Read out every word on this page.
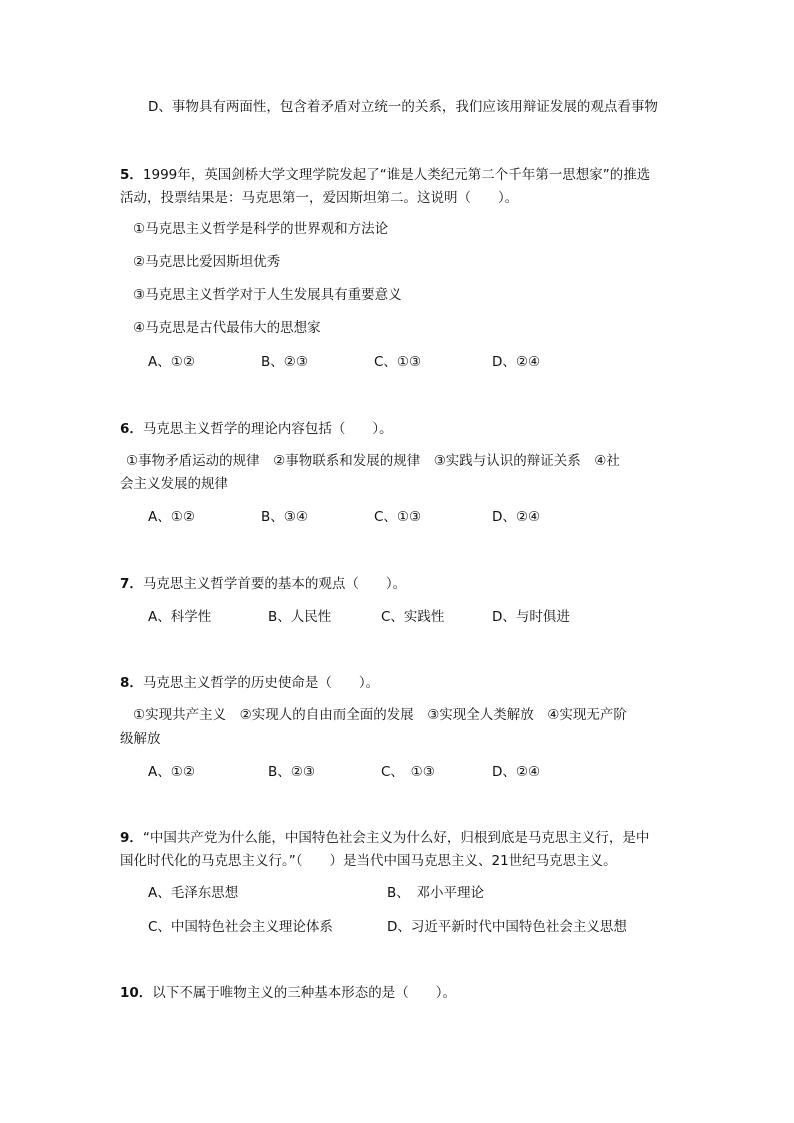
D、事物具有两面性，包含着矛盾对立统一的关系，我们应该用辩证发展的观点看事物
5．1999年，英国剑桥大学文理学院发起了“谁是人类纪元第二个千年第一思想家”的推选
活动，投票结果是：马克思第一，爱因斯坦第二。这说明（　　）。
①马克思主义哲学是科学的世界观和方法论
②马克思比爱因斯坦优秀
③马克思主义哲学对于人生发展具有重要意义
④马克思是古代最伟大的思想家
A、①②	B、②③	C、①③	D、②④
6．马克思主义哲学的理论内容包括（　　）。
①事物矛盾运动的规律　②事物联系和发展的规律　③实践与认识的辩证关系　④社
会主义发展的规律
A、①②	B、③④	C、①③	D、②④
7．马克思主义哲学首要的基本的观点（　　）。
A、科学性	B、人民性	C、实践性	D、与时俱进
8．马克思主义哲学的历史使命是（　　）。
①实现共产主义　②实现人的自由而全面的发展　③实现全人类解放　④实现无产阶
级解放
A、①②	B、②③	C、　①③	D、②④
9．“中国共产党为什么能，中国特色社会主义为什么好，归根到底是马克思主义行，是中
国化时代化的马克思主义行。”（　　）是当代中国马克思主义、21世纪马克思主义。
A、毛泽东思想	B、　邓小平理论
C、中国特色社会主义理论体系	D、习近平新时代中国特色社会主义思想
10．以下不属于唯物主义的三种基本形态的是（　　）。
